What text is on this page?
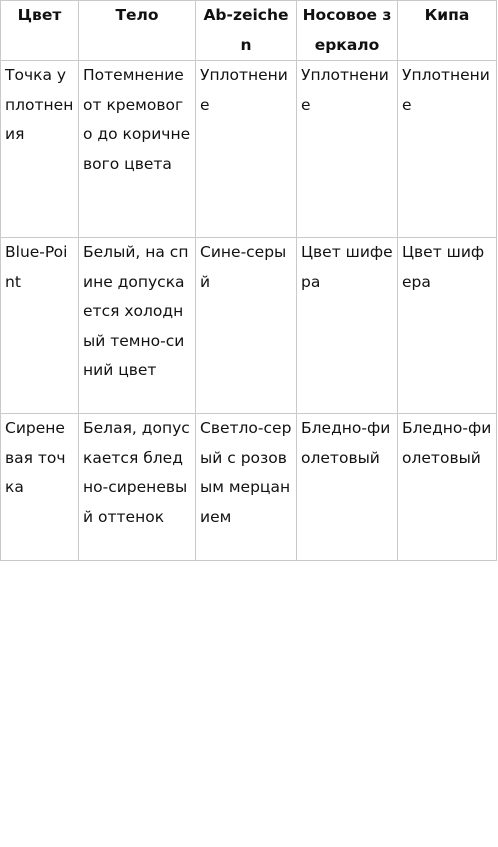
Цвет	Тело	Ab-zeichen	Носовое зеркало	Кипа
Точка уплотнения	Потемнение от кремового до коричневого цвета	Уплотнение	Уплотнение	Уплотнение
Blue-Point	Белый, на спине допускается холодный темно-синий цвет	Сине-серый	Цвет шифера	Цвет шифера
Сиреневая точка	Белая, допускается бледно-сиреневый оттенок	Светло-серый с розовым мерцанием	Бледно-фиолетовый	Бледно-фиолетовый
